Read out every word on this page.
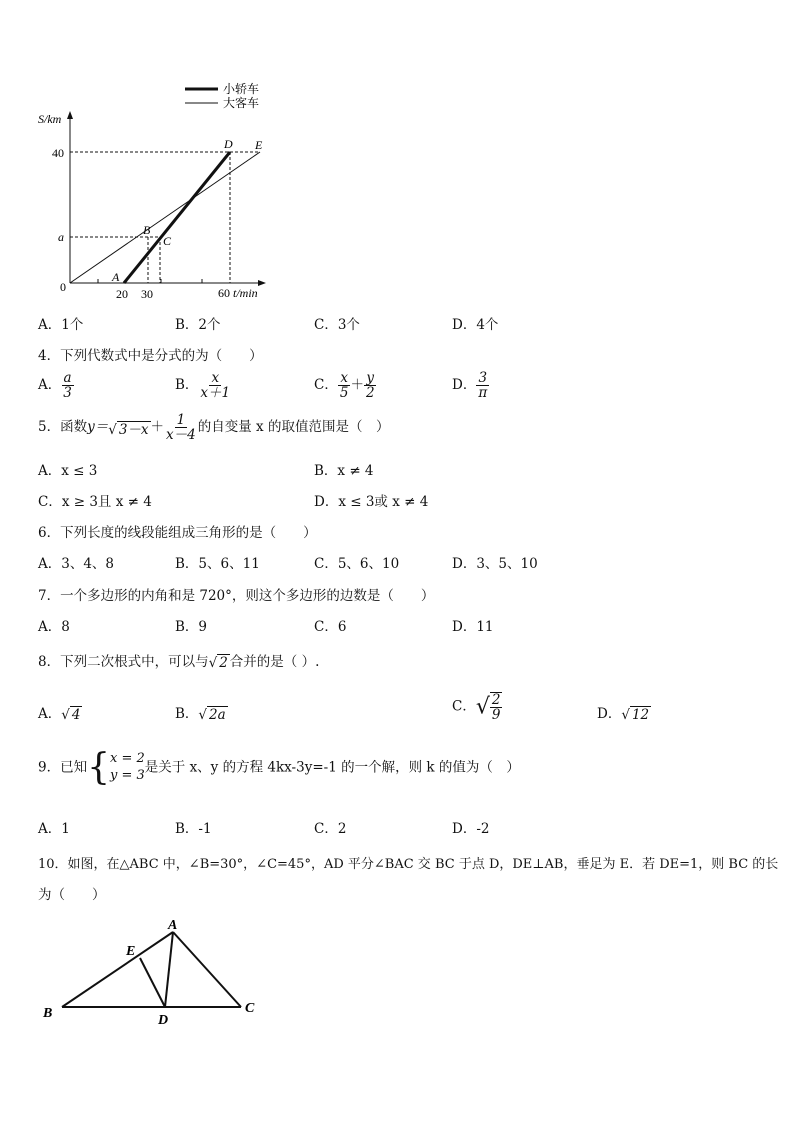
小轿车
大客车
S/km
t/min
0	20 30	60
40
a
A
B
C
D E
A．1个	B．2个	C．3个	D．4个
4．下列代数式中是分式的为（　　）
A． $\frac{a}{3}$	B． $\frac{x}{x+1}$	C． $\frac{x}{5} + \frac{y}{2}$	D． $\frac{3}{\pi}$
5．函数y＝√ $3-x + \frac{1}{x-4}$ 的自变量 x 的取值范围是（　）
A．x ≤ 3	B．x ≠ 4
C．x ≥ 3且 x ≠ 4	D．x ≤ 3或 x ≠ 4
6．下列长度的线段能组成三角形的是（　　）
A．3、4、8	B．5、6、11	C．5、6、10	D．3、5、10
7．一个多边形的内角和是 720°，则这个多边形的边数是（　　）
A．8	B．9	C．6	D．11
8．下列二次根式中，可以与√ 2 合并的是（ ）.
A．√ 4	B．√ 2a	C．√ $\frac{2}{9}$	D．√ 12
9．已知 { x = 2
y = 3 是关于 x、y 的方程 4kx-3y=-1 的一个解，则 k 的值为（　）
A．1	B．-1	C．2	D．-2
10．如图，在△ABC 中，∠B=30°，∠C=45°，AD 平分∠BAC 交 BC 于点 D，DE⊥AB，垂足为 E．若 DE=1，则 BC 的长
为（　　）
A
E
B	D
C
